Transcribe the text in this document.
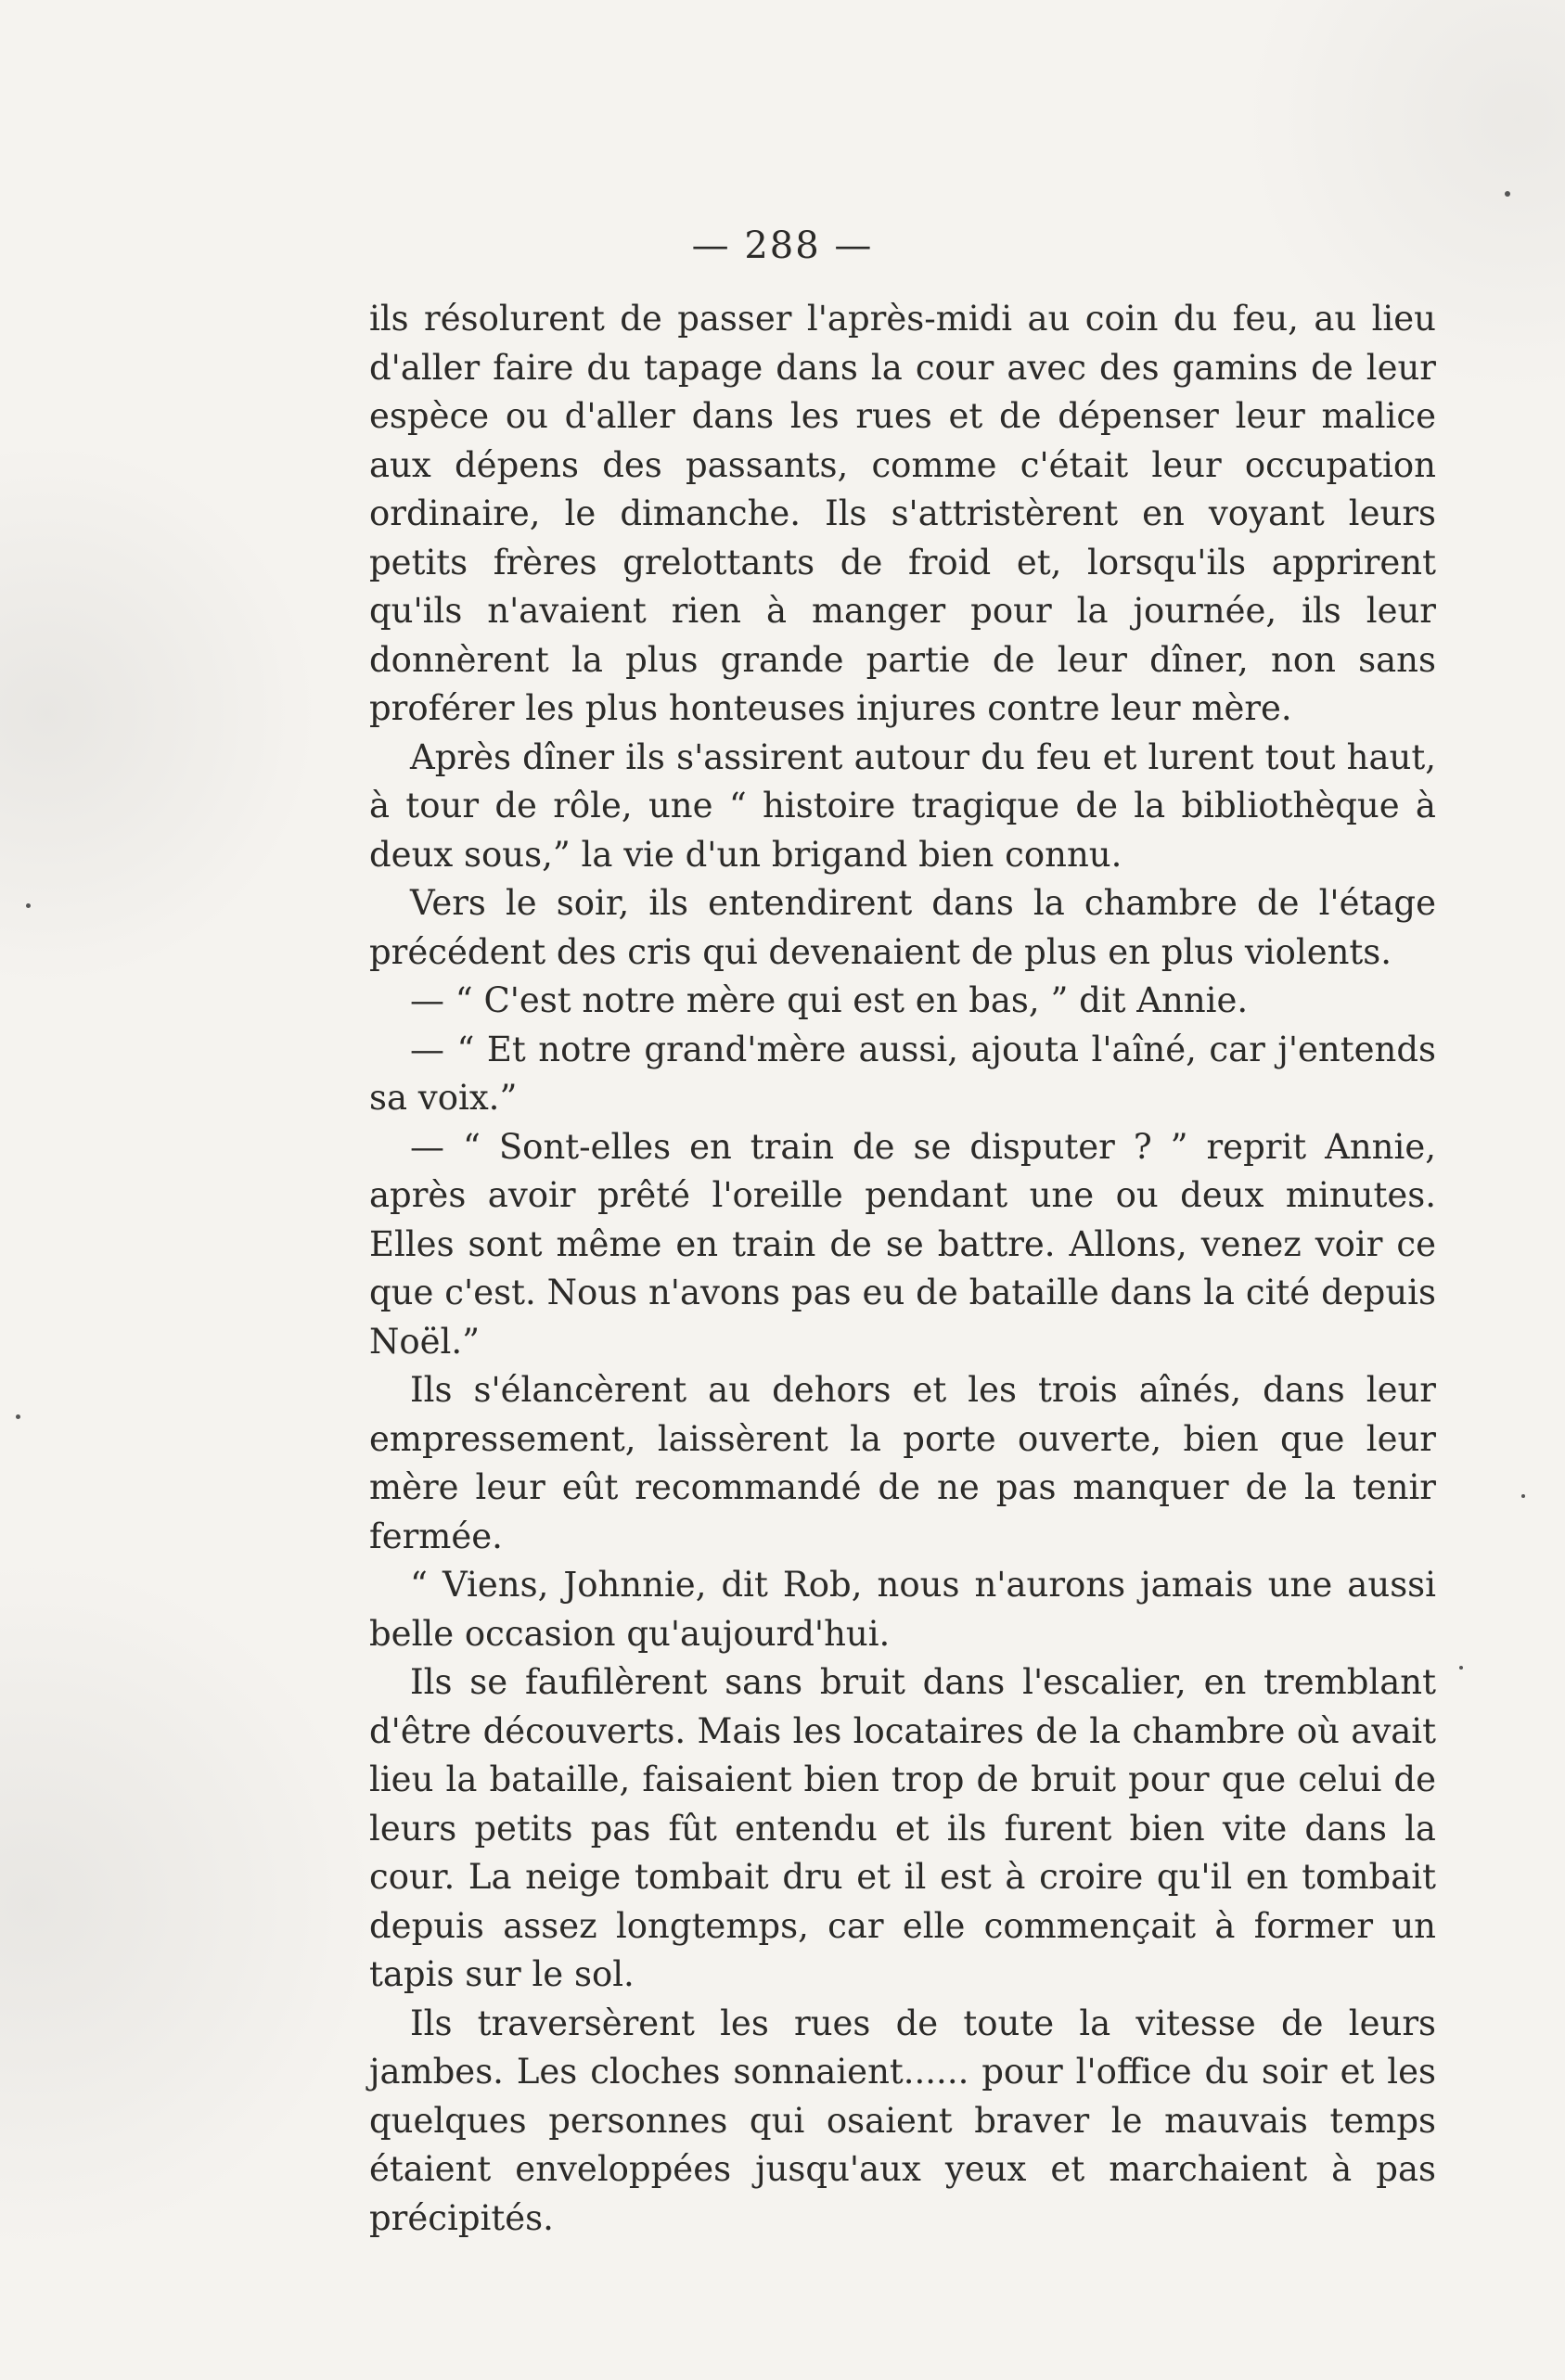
— 288 —

ils résolurent de passer l'après-midi au coin du feu, au lieu d'aller faire du tapage dans la cour avec des gamins de leur espèce ou d'aller dans les rues et de dépenser leur malice aux dépens des passants, comme c'était leur occupation ordinaire, le dimanche. Ils s'attristèrent en voyant leurs petits frères grelottants de froid et, lorsqu'ils apprirent qu'ils n'avaient rien à manger pour la journée, ils leur donnèrent la plus grande partie de leur dîner, non sans proférer les plus honteuses injures contre leur mère.

Après dîner ils s'assirent autour du feu et lurent tout haut, à tour de rôle, une “ histoire tragique de la bibliothèque à deux sous,” la vie d'un brigand bien connu.

Vers le soir, ils entendirent dans la chambre de l'étage précédent des cris qui devenaient de plus en plus violents.

— “ C'est notre mère qui est en bas, ” dit Annie.

— “ Et notre grand'mère aussi, ajouta l'aîné, car j'entends sa voix.”

— “ Sont-elles en train de se disputer ? ” reprit Annie, après avoir prêté l'oreille pendant une ou deux minutes. Elles sont même en train de se battre. Allons, venez voir ce que c'est. Nous n'avons pas eu de bataille dans la cité depuis Noël.”

Ils s'élancèrent au dehors et les trois aînés, dans leur empressement, laissèrent la porte ouverte, bien que leur mère leur eût recommandé de ne pas manquer de la tenir fermée.

“ Viens, Johnnie, dit Rob, nous n'aurons jamais une aussi belle occasion qu'aujourd'hui.

Ils se faufilèrent sans bruit dans l'escalier, en tremblant d'être découverts. Mais les locataires de la chambre où avait lieu la bataille, faisaient bien trop de bruit pour que celui de leurs petits pas fût entendu et ils furent bien vite dans la cour. La neige tombait dru et il est à croire qu'il en tombait depuis assez longtemps, car elle commençait à former un tapis sur le sol.

Ils traversèrent les rues de toute la vitesse de leurs jambes. Les cloches sonnaient...... pour l'office du soir et les quelques personnes qui osaient braver le mauvais temps étaient enveloppées jusqu'aux yeux et marchaient à pas précipités.
